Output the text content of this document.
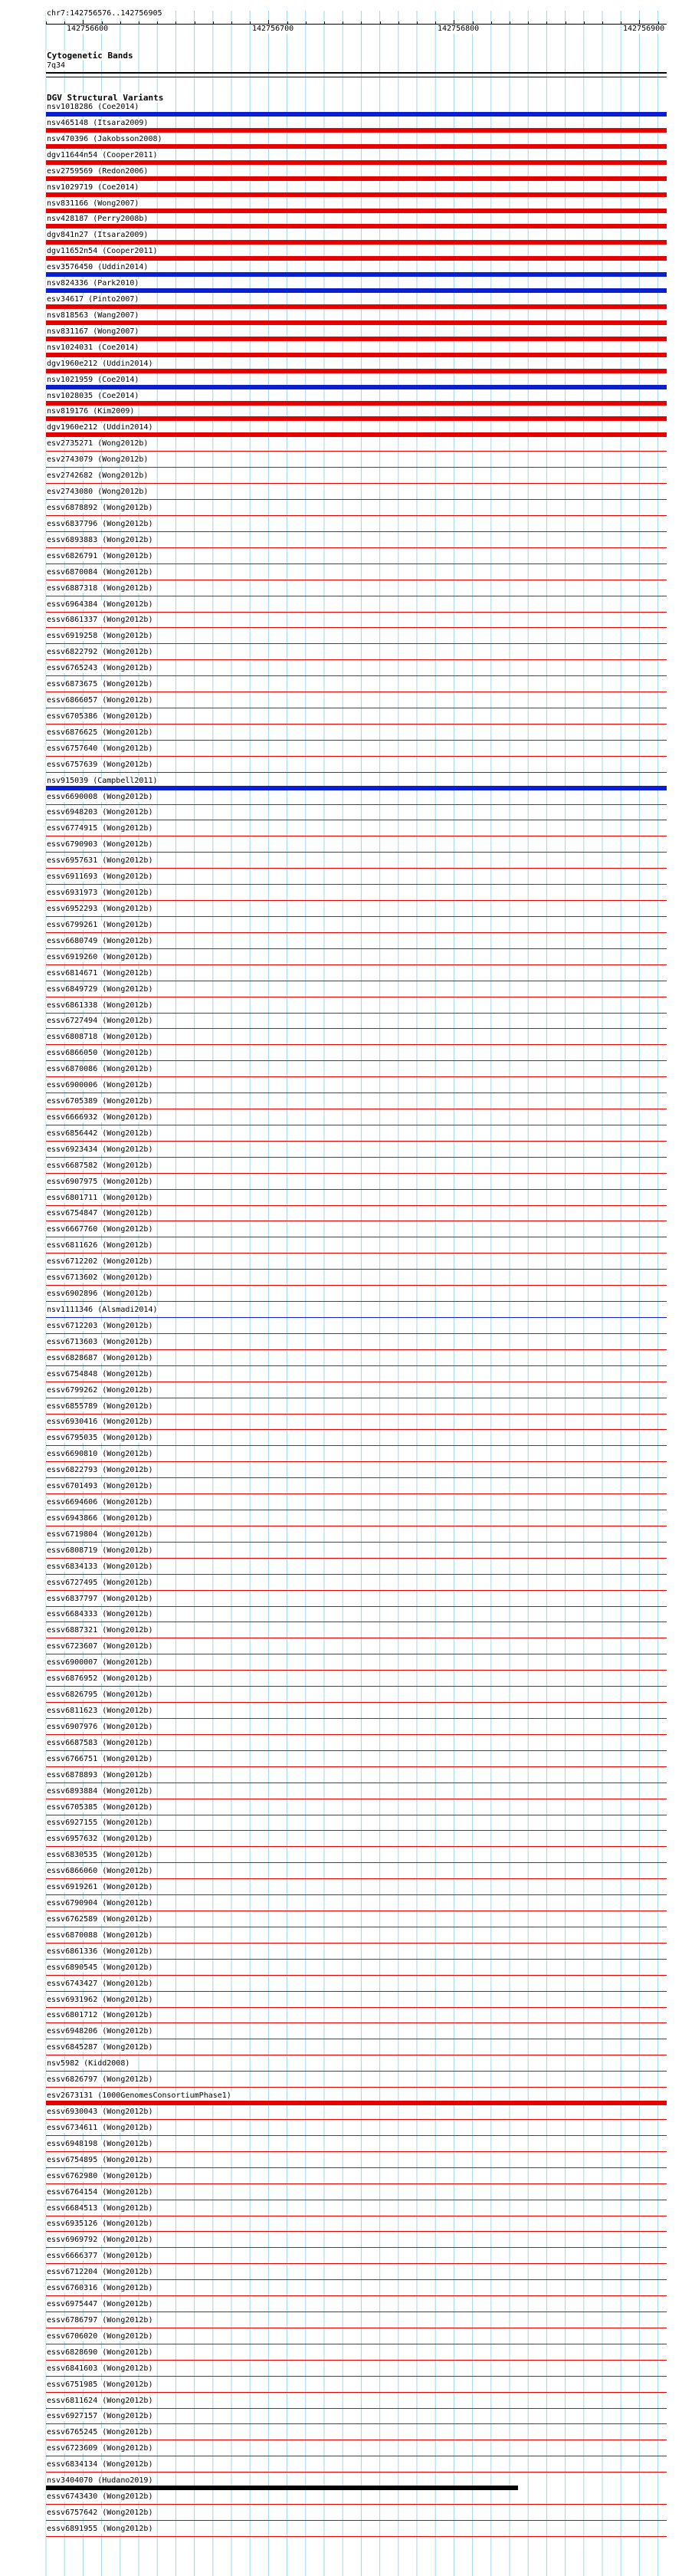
chr7:142756576..142756905
142756600	142756700	142756800	142756900
Cytogenetic Bands
7q34
DGV Structural Variants
nsv1018286 (Coe2014)
nsv465148 (Itsara2009)
nsv470396 (Jakobsson2008)
dgv11644n54 (Cooper2011)
esv2759569 (Redon2006)
nsv1029719 (Coe2014)
nsv831166 (Wong2007)
nsv428187 (Perry2008b)
dgv841n27 (Itsara2009)
dgv11652n54 (Cooper2011)
esv3576450 (Uddin2014)
nsv824336 (Park2010)
esv34617 (Pinto2007)
nsv818563 (Wang2007)
nsv831167 (Wong2007)
nsv1024031 (Coe2014)
dgv1960e212 (Uddin2014)
nsv1021959 (Coe2014)
nsv1028035 (Coe2014)
nsv819176 (Kim2009)
dgv1960e212 (Uddin2014)
esv2735271 (Wong2012b)
esv2743079 (Wong2012b)
esv2742682 (Wong2012b)
esv2743080 (Wong2012b)
essv6878892 (Wong2012b)
essv6837796 (Wong2012b)
essv6893883 (Wong2012b)
essv6826791 (Wong2012b)
essv6870084 (Wong2012b)
essv6887318 (Wong2012b)
essv6964384 (Wong2012b)
essv6861337 (Wong2012b)
essv6919258 (Wong2012b)
essv6822792 (Wong2012b)
essv6765243 (Wong2012b)
essv6873675 (Wong2012b)
essv6866057 (Wong2012b)
essv6705386 (Wong2012b)
essv6876625 (Wong2012b)
essv6757640 (Wong2012b)
essv6757639 (Wong2012b)
nsv915039 (Campbell2011)
essv6690008 (Wong2012b)
essv6948203 (Wong2012b)
essv6774915 (Wong2012b)
essv6790903 (Wong2012b)
essv6957631 (Wong2012b)
essv6911693 (Wong2012b)
essv6931973 (Wong2012b)
essv6952293 (Wong2012b)
essv6799261 (Wong2012b)
essv6680749 (Wong2012b)
essv6919260 (Wong2012b)
essv6814671 (Wong2012b)
essv6849729 (Wong2012b)
essv6861338 (Wong2012b)
essv6727494 (Wong2012b)
essv6808718 (Wong2012b)
essv6866050 (Wong2012b)
essv6870086 (Wong2012b)
essv6900006 (Wong2012b)
essv6705389 (Wong2012b)
essv6666932 (Wong2012b)
essv6856442 (Wong2012b)
essv6923434 (Wong2012b)
essv6687582 (Wong2012b)
essv6907975 (Wong2012b)
essv6801711 (Wong2012b)
essv6754847 (Wong2012b)
essv6667760 (Wong2012b)
essv6811626 (Wong2012b)
essv6712202 (Wong2012b)
essv6713602 (Wong2012b)
essv6902896 (Wong2012b)
nsv1111346 (Alsmadi2014)
essv6712203 (Wong2012b)
essv6713603 (Wong2012b)
essv6828687 (Wong2012b)
essv6754848 (Wong2012b)
essv6799262 (Wong2012b)
essv6855789 (Wong2012b)
essv6930416 (Wong2012b)
essv6795035 (Wong2012b)
essv6690810 (Wong2012b)
essv6822793 (Wong2012b)
essv6701493 (Wong2012b)
essv6694606 (Wong2012b)
essv6943866 (Wong2012b)
essv6719804 (Wong2012b)
essv6808719 (Wong2012b)
essv6834133 (Wong2012b)
essv6727495 (Wong2012b)
essv6837797 (Wong2012b)
essv6684333 (Wong2012b)
essv6887321 (Wong2012b)
essv6723607 (Wong2012b)
essv6900007 (Wong2012b)
essv6876952 (Wong2012b)
essv6826795 (Wong2012b)
essv6811623 (Wong2012b)
essv6907976 (Wong2012b)
essv6687583 (Wong2012b)
essv6766751 (Wong2012b)
essv6878893 (Wong2012b)
essv6893884 (Wong2012b)
essv6705385 (Wong2012b)
essv6927155 (Wong2012b)
essv6957632 (Wong2012b)
essv6830535 (Wong2012b)
essv6866060 (Wong2012b)
essv6919261 (Wong2012b)
essv6790904 (Wong2012b)
essv6762589 (Wong2012b)
essv6870088 (Wong2012b)
essv6861336 (Wong2012b)
essv6890545 (Wong2012b)
essv6743427 (Wong2012b)
essv6931962 (Wong2012b)
essv6801712 (Wong2012b)
essv6948206 (Wong2012b)
essv6845287 (Wong2012b)
nsv5982 (Kidd2008)
essv6826797 (Wong2012b)
esv2673131 (1000GenomesConsortiumPhase1)
essv6930043 (Wong2012b)
essv6734611 (Wong2012b)
essv6948198 (Wong2012b)
essv6754895 (Wong2012b)
essv6762980 (Wong2012b)
essv6764154 (Wong2012b)
essv6684513 (Wong2012b)
essv6935126 (Wong2012b)
essv6969792 (Wong2012b)
essv6666377 (Wong2012b)
essv6712204 (Wong2012b)
essv6760316 (Wong2012b)
essv6975447 (Wong2012b)
essv6786797 (Wong2012b)
essv6706020 (Wong2012b)
essv6828690 (Wong2012b)
essv6841603 (Wong2012b)
essv6751985 (Wong2012b)
essv6811624 (Wong2012b)
essv6927157 (Wong2012b)
essv6765245 (Wong2012b)
essv6723609 (Wong2012b)
essv6834134 (Wong2012b)
nsv3404070 (Hudano2019)
essv6743430 (Wong2012b)
essv6757642 (Wong2012b)
essv6891955 (Wong2012b)
